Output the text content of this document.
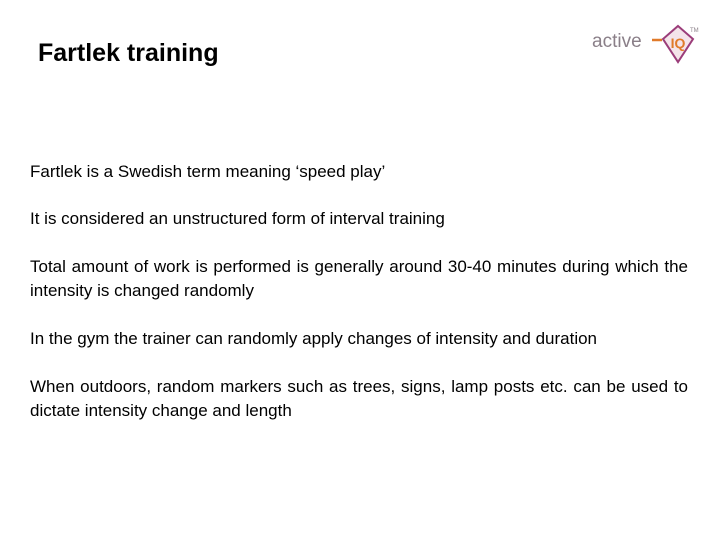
Fartlek training	active IQ
TM

Fartlek is a Swedish term meaning ‘speed play’

It is considered an unstructured form of interval training

Total amount of work is performed is generally around 30-40 minutes during which the intensity is changed randomly

In the gym the trainer can randomly apply changes of intensity and duration

When outdoors, random markers such as trees, signs, lamp posts etc. can be used to dictate intensity change and length
